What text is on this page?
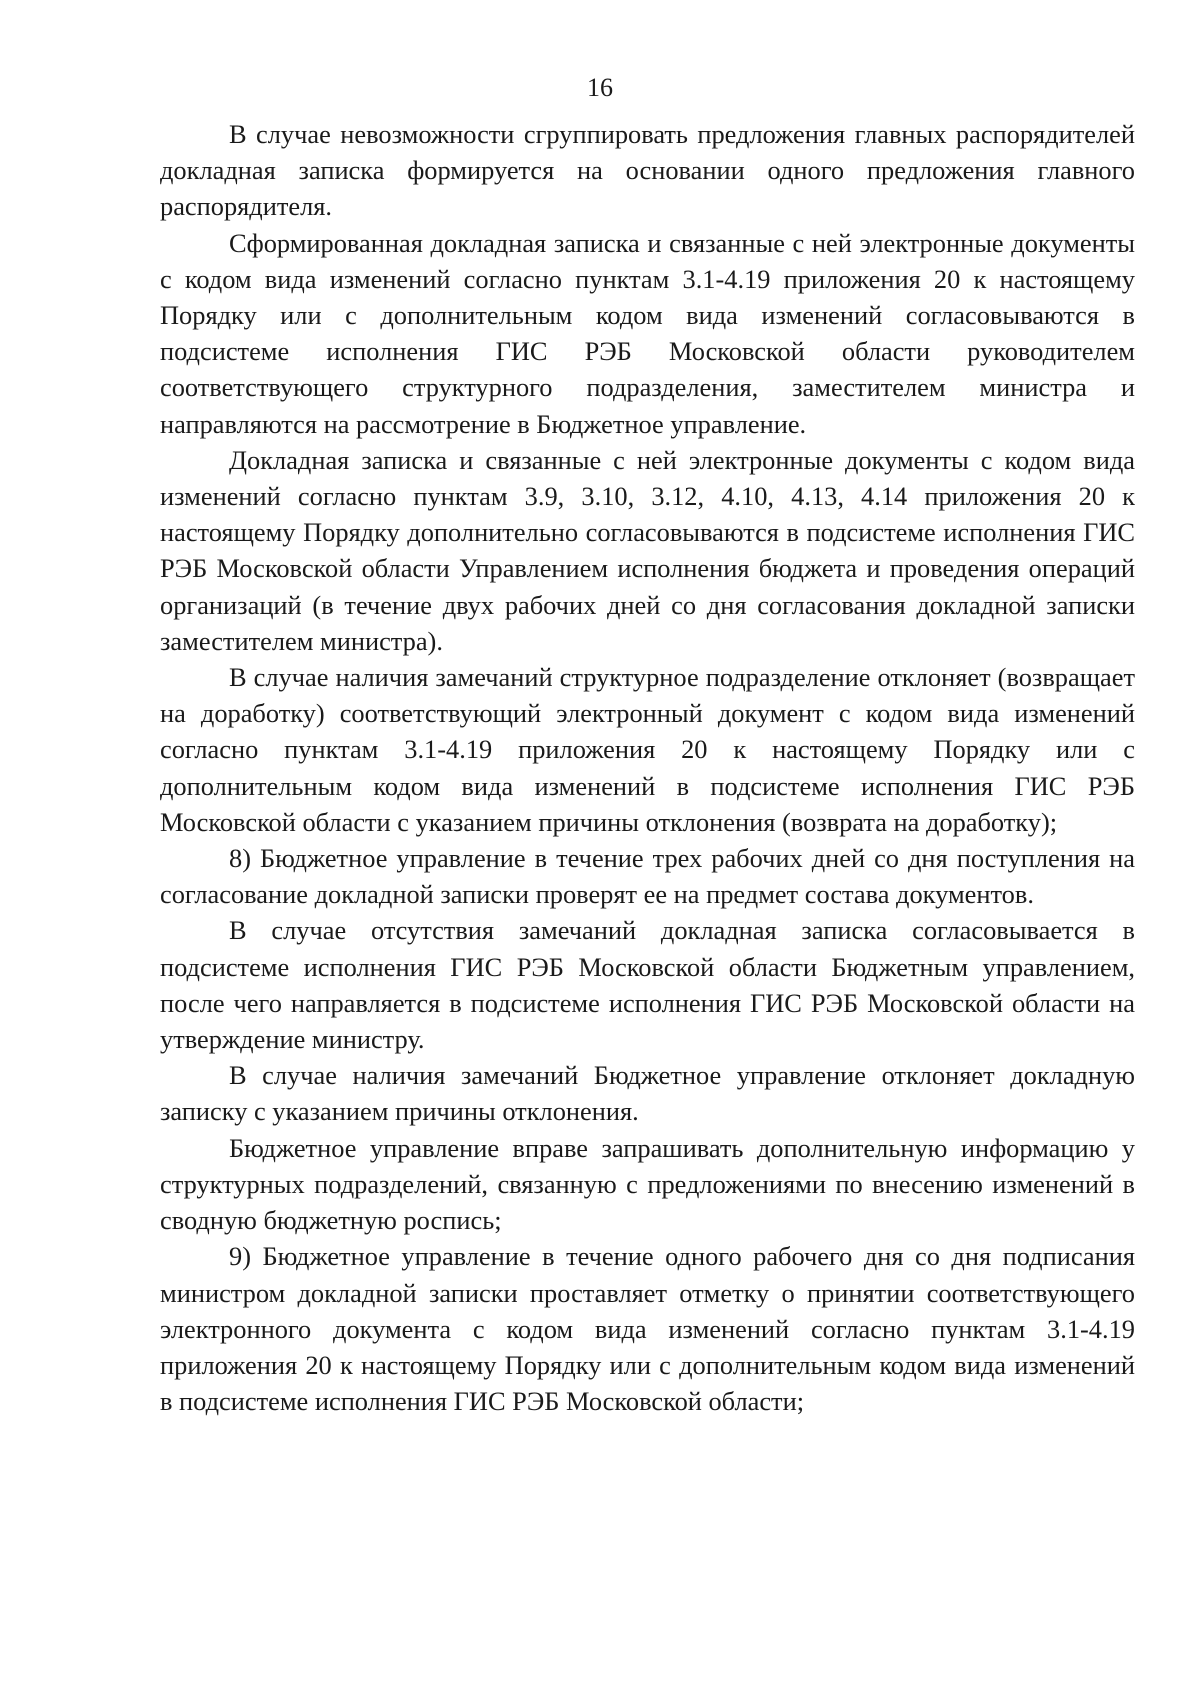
16

В случае невозможности сгруппировать предложения главных распорядителей докладная записка формируется на основании одного предложения главного распорядителя.

Сформированная докладная записка и связанные с ней электронные документы с кодом вида изменений согласно пунктам 3.1-4.19 приложения 20 к настоящему Порядку или с дополнительным кодом вида изменений согласовываются в подсистеме исполнения ГИС РЭБ Московской области руководителем соответствующего структурного подразделения, заместителем министра и направляются на рассмотрение в Бюджетное управление.

Докладная записка и связанные с ней электронные документы с кодом вида изменений согласно пунктам 3.9, 3.10, 3.12, 4.10, 4.13, 4.14 приложения 20 к настоящему Порядку дополнительно согласовываются в подсистеме исполнения ГИС РЭБ Московской области Управлением исполнения бюджета и проведения операций организаций (в течение двух рабочих дней со дня согласования докладной записки заместителем министра).

В случае наличия замечаний структурное подразделение отклоняет (возвращает на доработку) соответствующий электронный документ с кодом вида изменений согласно пунктам 3.1-4.19 приложения 20 к настоящему Порядку или с дополнительным кодом вида изменений в подсистеме исполнения ГИС РЭБ Московской области с указанием причины отклонения (возврата на доработку);

8) Бюджетное управление в течение трех рабочих дней со дня поступления на согласование докладной записки проверят ее на предмет состава документов.

В случае отсутствия замечаний докладная записка согласовывается в подсистеме исполнения ГИС РЭБ Московской области Бюджетным управлением, после чего направляется в подсистеме исполнения ГИС РЭБ Московской области на утверждение министру.

В случае наличия замечаний Бюджетное управление отклоняет докладную записку с указанием причины отклонения.

Бюджетное управление вправе запрашивать дополнительную информацию у структурных подразделений, связанную с предложениями по внесению изменений в сводную бюджетную роспись;

9) Бюджетное управление в течение одного рабочего дня со дня подписания министром докладной записки проставляет отметку о принятии соответствующего электронного документа с кодом вида изменений согласно пунктам 3.1-4.19 приложения 20 к настоящему Порядку или с дополнительным кодом вида изменений в подсистеме исполнения ГИС РЭБ Московской области;
